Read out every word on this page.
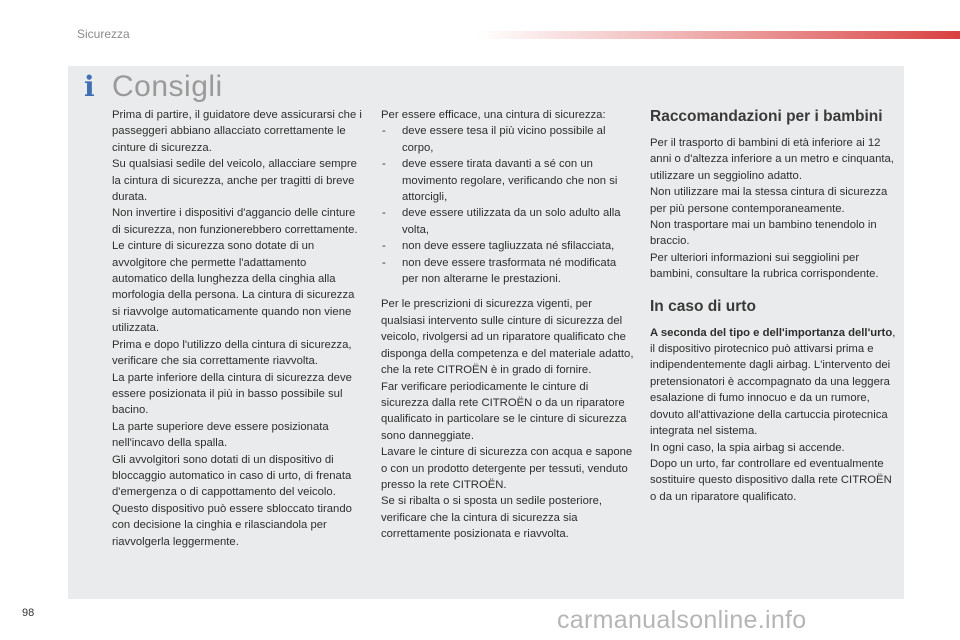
Sicurezza
i Consigli

Prima di partire, il guidatore deve assicurarsi che i passeggeri abbiano allacciato correttamente le cinture di sicurezza.

Su qualsiasi sedile del veicolo, allacciare sempre la cintura di sicurezza, anche per tragitti di breve durata.

Non invertire i dispositivi d'aggancio delle cinture di sicurezza, non funzionerebbero correttamente.

Le cinture di sicurezza sono dotate di un avvolgitore che permette l'adattamento automatico della lunghezza della cinghia alla morfologia della persona. La cintura di sicurezza si riavvolge automaticamente quando non viene utilizzata.

Prima e dopo l'utilizzo della cintura di sicurezza, verificare che sia correttamente riavvolta.

La parte inferiore della cintura di sicurezza deve essere posizionata il più in basso possibile sul bacino.

La parte superiore deve essere posizionata nell'incavo della spalla.

Gli avvolgitori sono dotati di un dispositivo di bloccaggio automatico in caso di urto, di frenata d'emergenza o di cappottamento del veicolo. Questo dispositivo può essere sbloccato tirando con decisione la cinghia e rilasciandola per riavvolgerla leggermente.

Per essere efficace, una cintura di sicurezza:

- deve essere tesa il più vicino possibile al corpo,
- deve essere tirata davanti a sé con un movimento regolare, verificando che non si attorcigli,
- deve essere utilizzata da un solo adulto alla volta,
- non deve essere tagliuzzata né sfilacciata,
- non deve essere trasformata né modificata per non alterarne le prestazioni.

Per le prescrizioni di sicurezza vigenti, per qualsiasi intervento sulle cinture di sicurezza del veicolo, rivolgersi ad un riparatore qualificato che disponga della competenza e del materiale adatto, che la rete CITROËN è in grado di fornire.

Far verificare periodicamente le cinture di sicurezza dalla rete CITROËN o da un riparatore qualificato in particolare se le cinture di sicurezza sono danneggiate.

Lavare le cinture di sicurezza con acqua e sapone o con un prodotto detergente per tessuti, venduto presso la rete CITROËN.

Se si ribalta o si sposta un sedile posteriore, verificare che la cintura di sicurezza sia correttamente posizionata e riavvolta.

Raccomandazioni per i bambini

Per il trasporto di bambini di età inferiore ai 12 anni o d'altezza inferiore a un metro e cinquanta, utilizzare un seggiolino adatto.

Non utilizzare mai la stessa cintura di sicurezza per più persone contemporaneamente.

Non trasportare mai un bambino tenendolo in braccio.

Per ulteriori informazioni sui seggiolini per bambini, consultare la rubrica corrispondente.

In caso di urto

A seconda del tipo e dell'importanza dell'urto, il dispositivo pirotecnico può attivarsi prima e indipendentemente dagli airbag. L'intervento dei pretensionatori è accompagnato da una leggera esalazione di fumo innocuo e da un rumore, dovuto all'attivazione della cartuccia pirotecnica integrata nel sistema.

In ogni caso, la spia airbag si accende.

Dopo un urto, far controllare ed eventualmente sostituire questo dispositivo dalla rete CITROËN o da un riparatore qualificato.

98	carmanualsonline.info
